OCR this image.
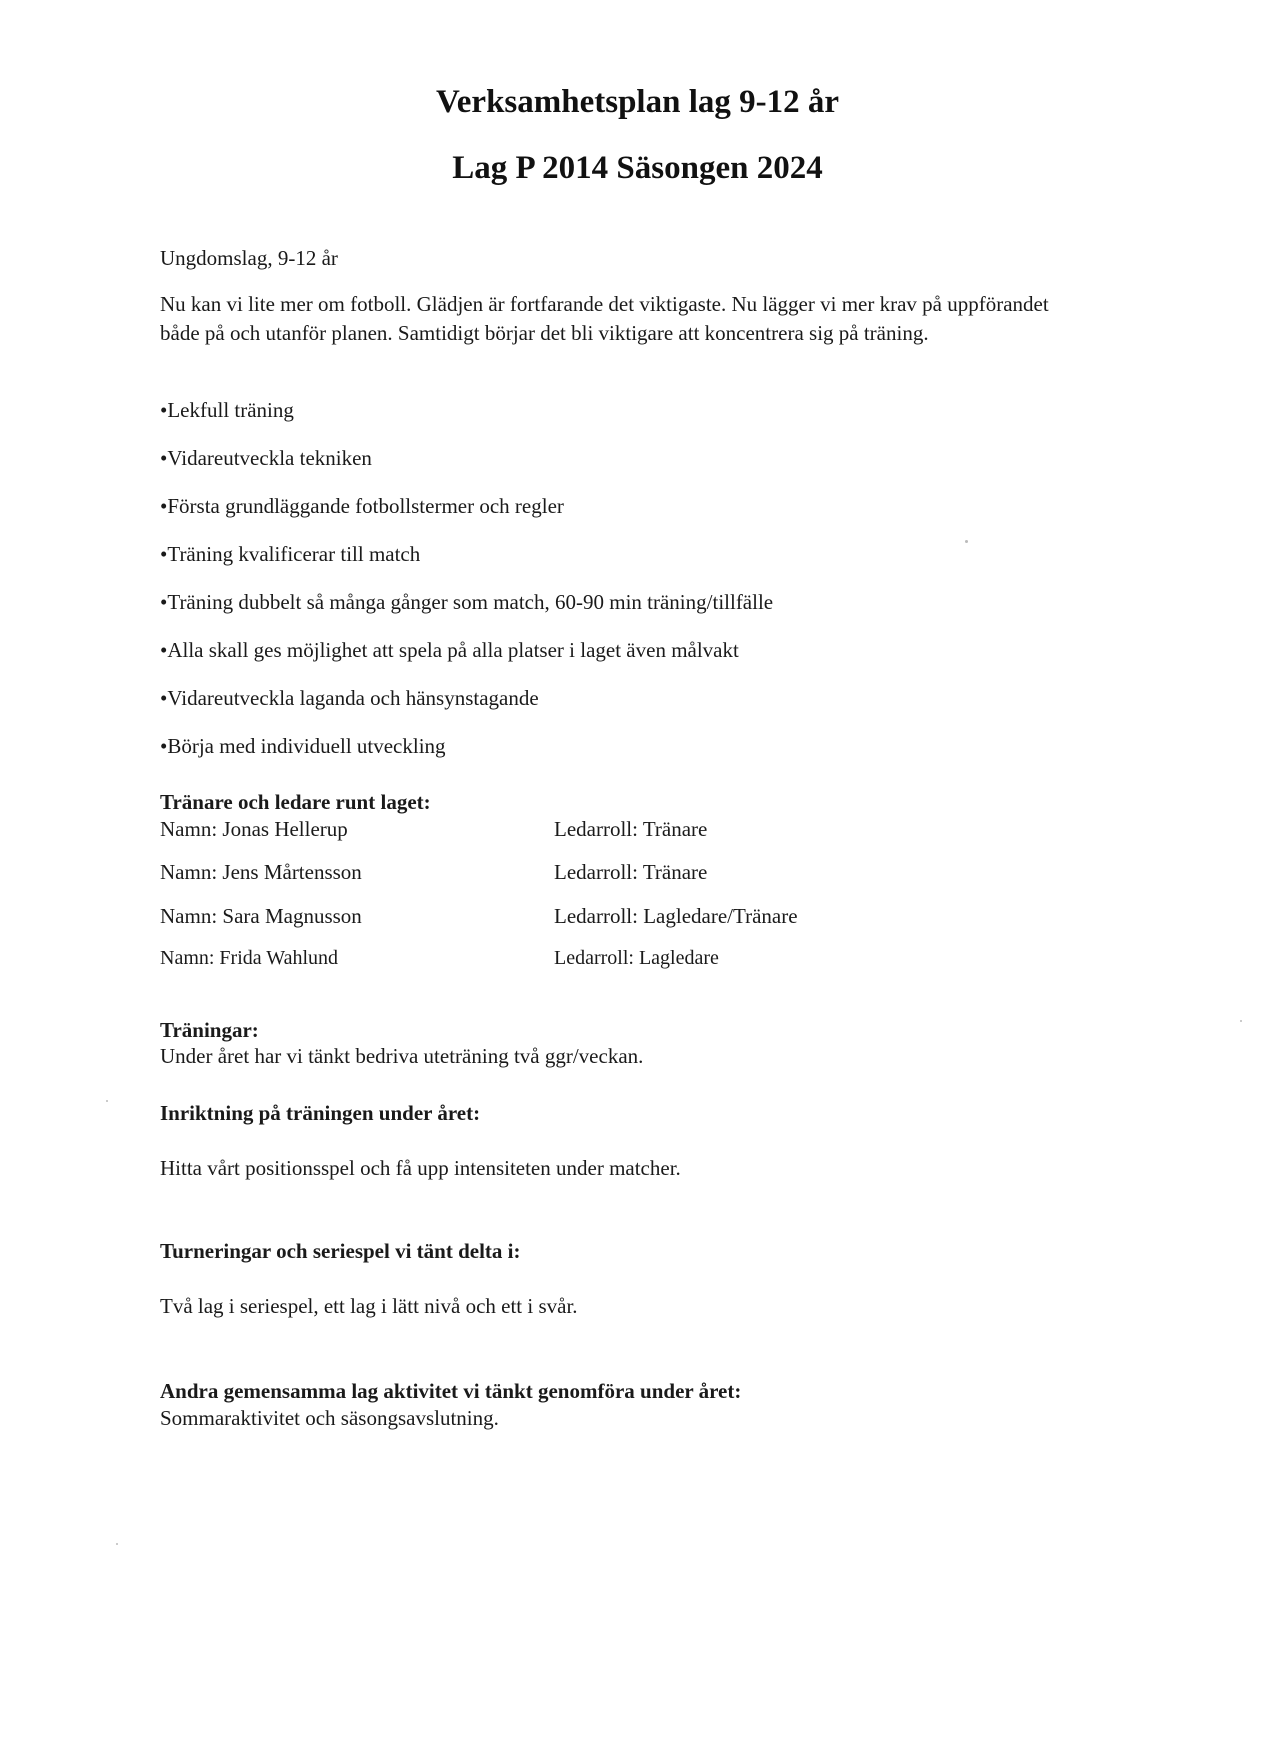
Verksamhetsplan lag 9-12 år
Lag P 2014 Säsongen 2024
Ungdomslag, 9-12 år
Nu kan vi lite mer om fotboll. Glädjen är fortfarande det viktigaste. Nu lägger vi mer krav på uppförandet både på och utanför planen. Samtidigt börjar det bli viktigare att koncentrera sig på träning.
•Lekfull träning
•Vidareutveckla tekniken
•Första grundläggande fotbollstermer och regler
•Träning kvalificerar till match
•Träning dubbelt så många gånger som match, 60-90 min träning/tillfälle
•Alla skall ges möjlighet att spela på alla platser i laget även målvakt
•Vidareutveckla laganda och hänsynstagande
•Börja med individuell utveckling
Tränare och ledare runt laget:
Namn: Jonas Hellerup	Ledarroll: Tränare
Namn: Jens Mårtensson	Ledarroll: Tränare
Namn: Sara Magnusson	Ledarroll: Lagledare/Tränare
Namn: Frida Wahlund	Ledarroll: Lagledare
Träningar:
Under året har vi tänkt bedriva uteträning två ggr/veckan.
Inriktning på träningen under året:
Hitta vårt positionsspel och få upp intensiteten under matcher.
Turneringar och seriespel vi tänt delta i:
Två lag i seriespel, ett lag i lätt nivå och ett i svår.
Andra gemensamma lag aktivitet vi tänkt genomföra under året:
Sommaraktivitet och säsongsavslutning.
